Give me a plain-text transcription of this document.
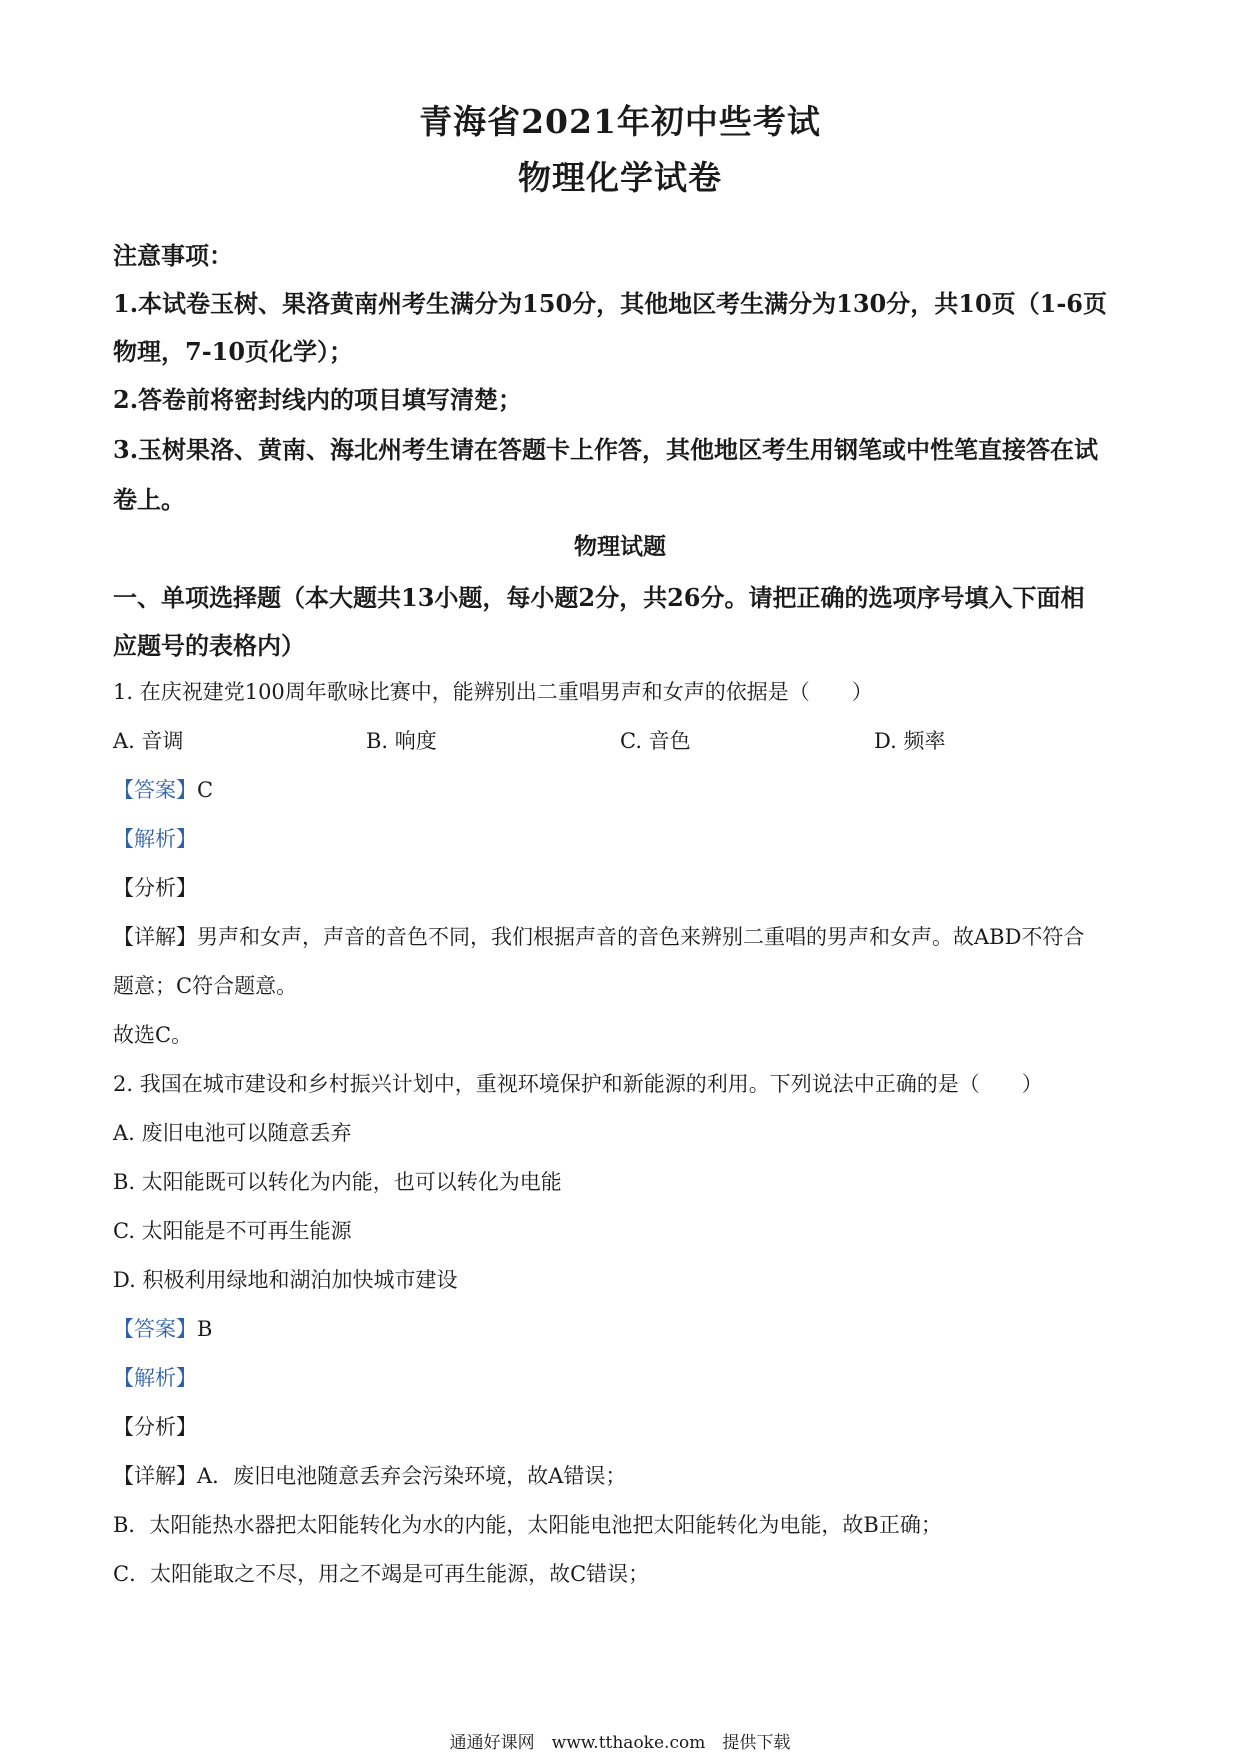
青海省2021年初中些考试
物理化学试卷
注意事项：
1.本试卷玉树、果洛黄南州考生满分为150分，其他地区考生满分为130分，共10页（1-6页
物理，7-10页化学）；
2.答卷前将密封线内的项目填写清楚；
3.玉树果洛、黄南、海北州考生请在答题卡上作答，其他地区考生用钢笔或中性笔直接答在试
卷上。
物理试题
一、单项选择题（本大题共13小题，每小题2分，共26分。请把正确的选项序号填入下面相
应题号的表格内）
1. 在庆祝建党100周年歌咏比赛中，能辨别出二重唱男声和女声的依据是（　　）
A. 音调	B. 响度	C. 音色	D. 频率
【答案】C
【解析】
【分析】
【详解】男声和女声，声音的音色不同，我们根据声音的音色来辨别二重唱的男声和女声。故ABD不符合
题意；C符合题意。
故选C。
2. 我国在城市建设和乡村振兴计划中，重视环境保护和新能源的利用。下列说法中正确的是（　　）
A. 废旧电池可以随意丢弃
B. 太阳能既可以转化为内能，也可以转化为电能
C. 太阳能是不可再生能源
D. 积极利用绿地和湖泊加快城市建设
【答案】B
【解析】
【分析】
【详解】A．废旧电池随意丢弃会污染环境，故A错误；
B．太阳能热水器把太阳能转化为水的内能，太阳能电池把太阳能转化为电能，故B正确；
C．太阳能取之不尽，用之不竭是可再生能源，故C错误；
通通好课网　www.tthaoke.com　提供下载
